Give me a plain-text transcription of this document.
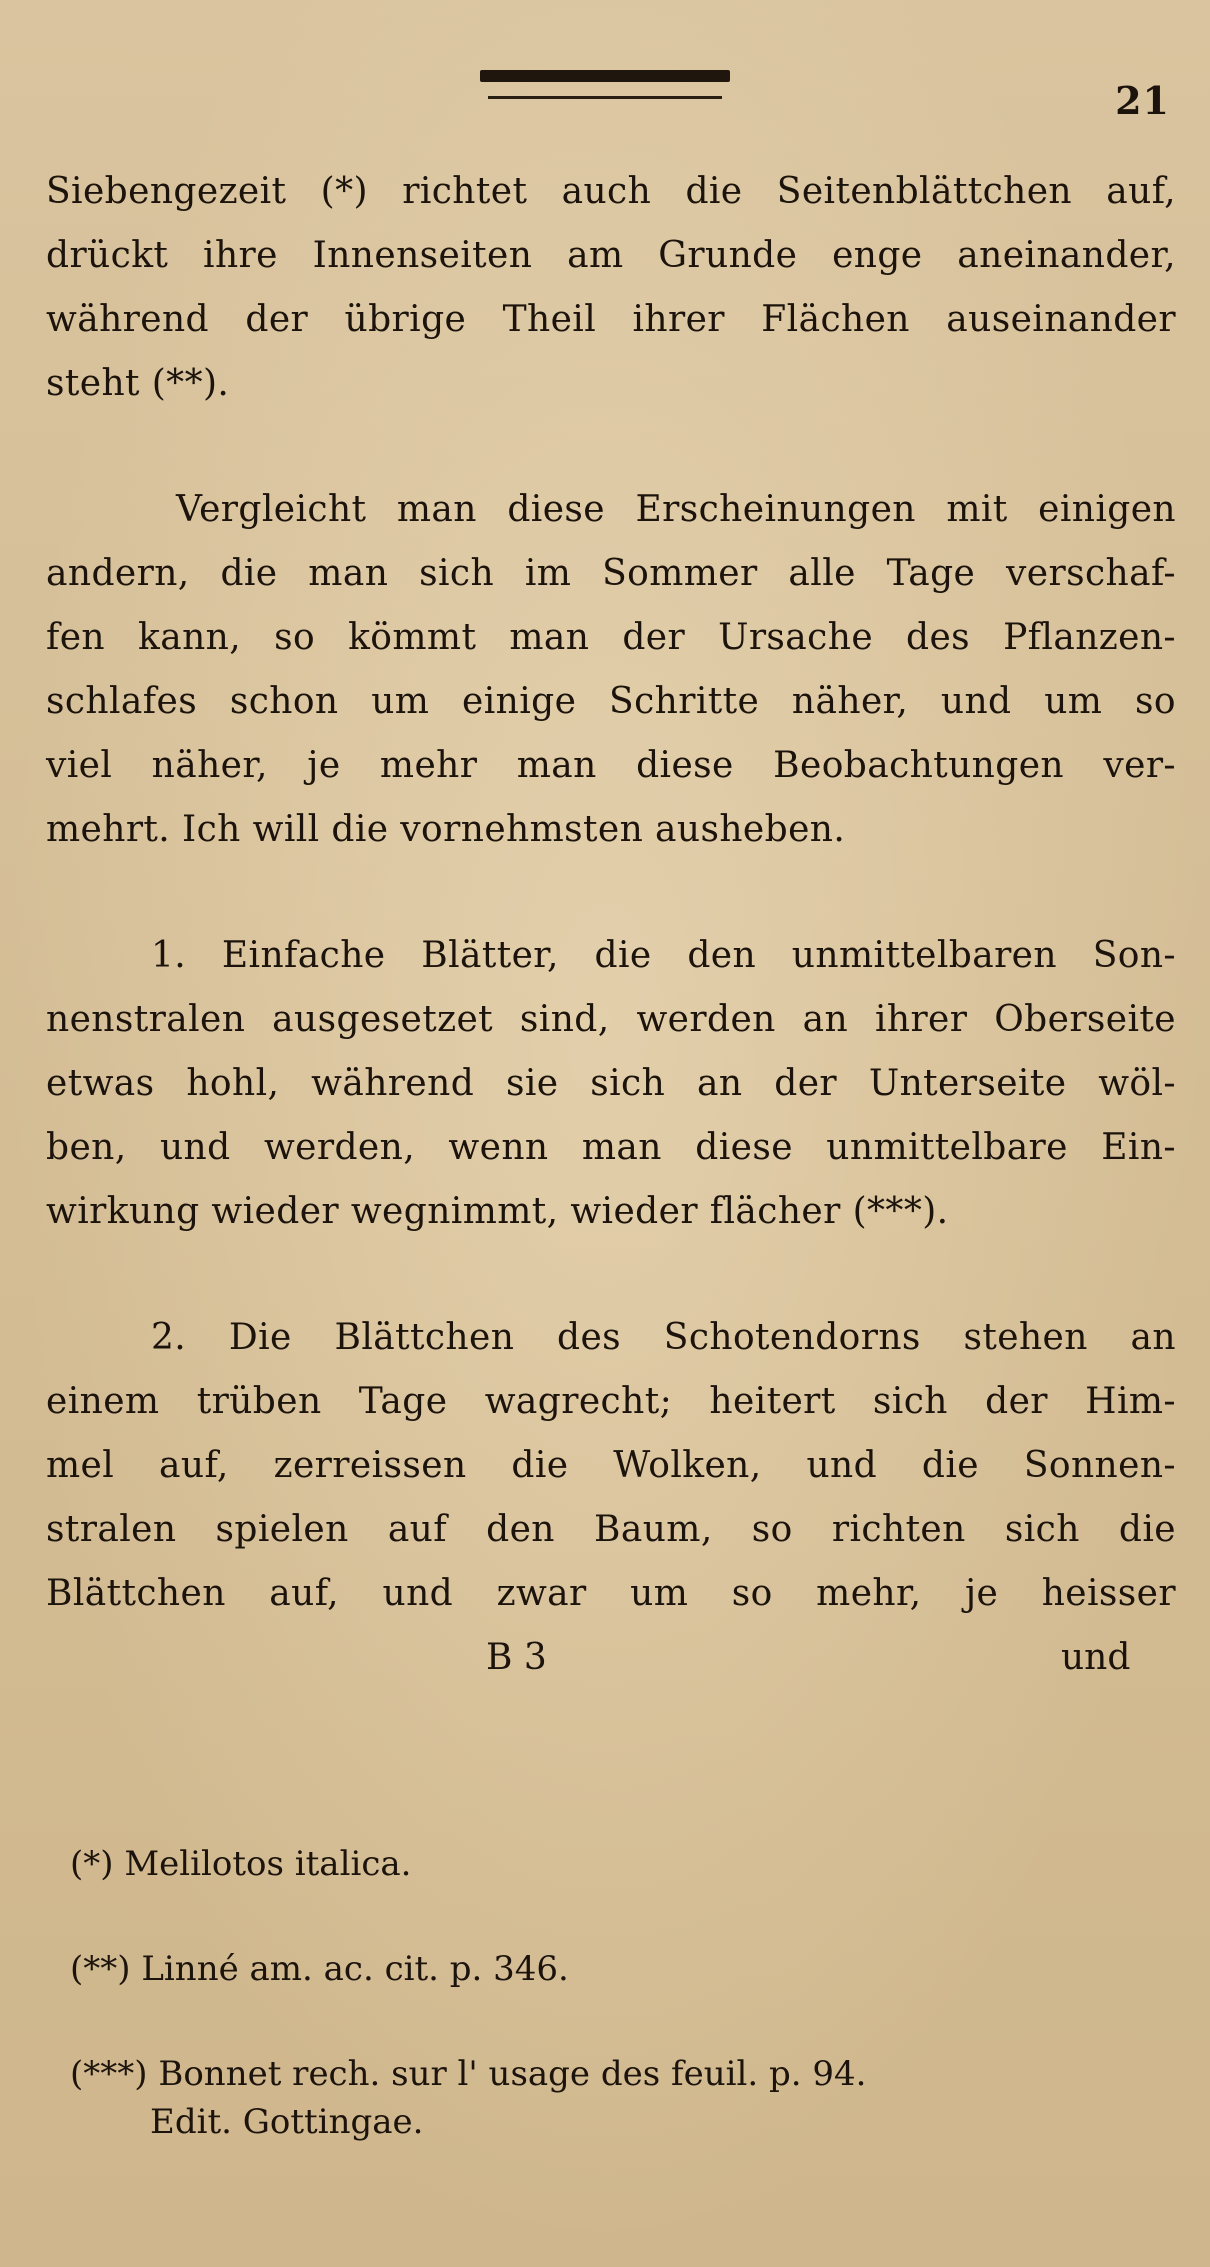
21
Siebengezeit (*) richtet auch die Seitenblättchen auf,
drückt ihre Innenseiten am Grunde enge aneinander,
während der übrige Theil ihrer Flächen auseinander
steht (**).
Vergleicht man diese Erscheinungen mit einigen
andern, die man sich im Sommer alle Tage verschaf-
fen kann, so kömmt man der Ursache des Pflanzen-
schlafes schon um einige Schritte näher, und um so
viel näher, je mehr man diese Beobachtungen ver-
mehrt. Ich will die vornehmsten ausheben.
1. Einfache Blätter, die den unmittelbaren Son-
nenstralen ausgesetzet sind, werden an ihrer Oberseite
etwas hohl, während sie sich an der Unterseite wöl-
ben, und werden, wenn man diese unmittelbare Ein-
wirkung wieder wegnimmt, wieder flächer (***).
2. Die Blättchen des Schotendorns stehen an
einem trüben Tage wagrecht; heitert sich der Him-
mel auf, zerreissen die Wolken, und die Sonnen-
stralen spielen auf den Baum, so richten sich die
Blättchen auf, und zwar um so mehr, je heisser
B 3	und
(*) Melilotos italica.
(**) Linné am. ac. cit. p. 346.
(***) Bonnet rech. sur l' usage des feuil. p. 94.
Edit. Gottingae.
